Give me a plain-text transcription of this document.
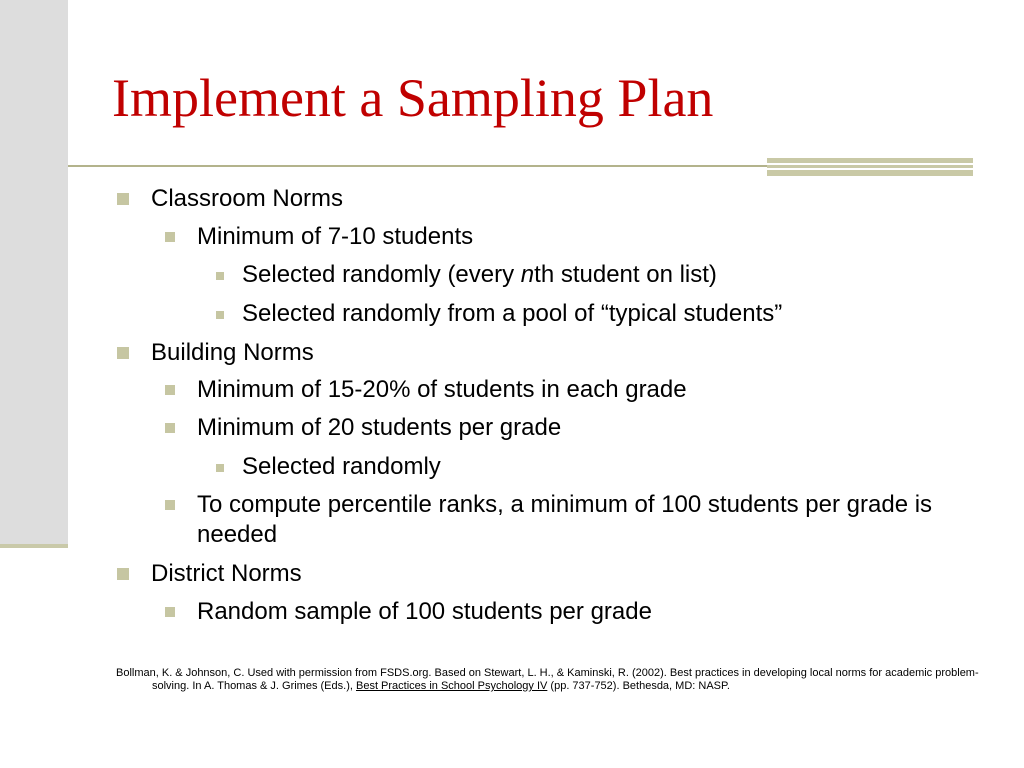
Implement a Sampling Plan
Classroom Norms
Minimum of 7-10 students
Selected randomly (every nth student on list)
Selected randomly from a pool of “typical students”
Building Norms
Minimum of 15-20% of students in each grade
Minimum of 20 students per grade
Selected randomly
To compute percentile ranks, a minimum of 100 students per grade is needed
District Norms
Random sample of 100 students per grade
Bollman, K. & Johnson, C. Used with permission from FSDS.org. Based on Stewart, L. H., & Kaminski, R. (2002). Best practices in developing local norms for academic problem-solving. In A. Thomas & J. Grimes (Eds.), Best Practices in School Psychology IV (pp. 737-752). Bethesda, MD: NASP.
